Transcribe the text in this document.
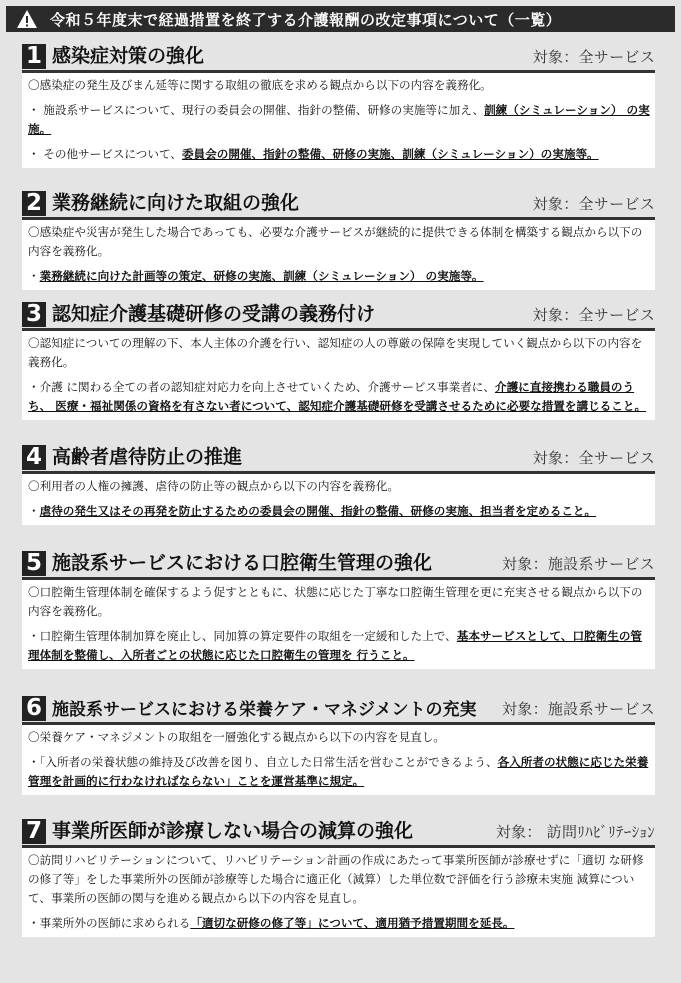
令和５年度末で経過措置を終了する介護報酬の改定事項について（一覧）
1 感染症対策の強化	対象：全サービス

〇感染症の発生及びまん延等に関する取組の徹底を求める観点から以下の内容を義務化。

・ 施設系サービスについて、現行の委員会の開催、指針の整備、研修の実施等に加え、訓練（シミュレーション） の実施。

・ その他サービスについて、委員会の開催、指針の整備、研修の実施、訓練（シミュレーション）の実施等。

2 業務継続に向けた取組の強化	対象：全サービス

〇感染症や災害が発生した場合であっても、必要な介護サービスが継続的に提供できる体制を構築する観点から以下の内容を義務化。

・業務継続に向けた計画等の策定、研修の実施、訓練（シミュレーション） の実施等。

3 認知症介護基礎研修の受講の義務付け	対象：全サービス

〇認知症についての理解の下、本人主体の介護を行い、認知症の人の尊厳の保障を実現していく観点から以下の内容を義務化。

・介護 に関わる全ての者の認知症対応力を向上させていくため、介護サービス事業者に、介護に直接携わる職員のうち、 医療・福祉関係の資格を有さない者について、認知症介護基礎研修を受講させるために必要な措置を講じること。

4 高齢者虐待防止の推進	対象：全サービス

〇利用者の人権の擁護、虐待の防止等の観点から以下の内容を義務化。

・虐待の発生又はその再発を防止するための委員会の開催、指針の整備、研修の実施、担当者を定めること。

5 施設系サービスにおける口腔衛生管理の強化	対象：施設系サービス

〇口腔衛生管理体制を確保するよう促すとともに、状態に応じた丁寧な口腔衛生管理を更に充実させる観点から以下の内容を義務化。

・口腔衛生管理体制加算を廃止し、同加算の算定要件の取組を一定緩和した上で、基本サービスとして、口腔衛生の管理体制を整備し、入所者ごとの状態に応じた口腔衛生の管理を 行うこと。

6 施設系サービスにおける栄養ケア・マネジメントの充実 対象：施設系サービス

〇栄養ケア・マネジメントの取組を一層強化する観点から以下の内容を見直し。

・「入所者の栄養状態の維持及び改善を図り、自立した日常生活を営むことができるよう、各入所者の状態に応じた栄養管理を計画的に行わなければならない」ことを運営基準に規定。

7 事業所医師が診療しない場合の減算の強化	対象： 訪問ﾘﾊﾋﾞﾘﾃｰｼｮﾝ

〇訪問リハビリテーションについて、リハビリテーション計画の作成にあたって事業所医師が診療せずに「適切 な研修の修了等」をした事業所外の医師が診療等した場合に適正化（減算）した単位数で評価を行う診療未実施 減算について、事業所の医師の関与を進める観点から以下の内容を見直し。

・事業所外の医師に求められる「適切な研修の修了等」について、適用猶予措置期間を延長。
